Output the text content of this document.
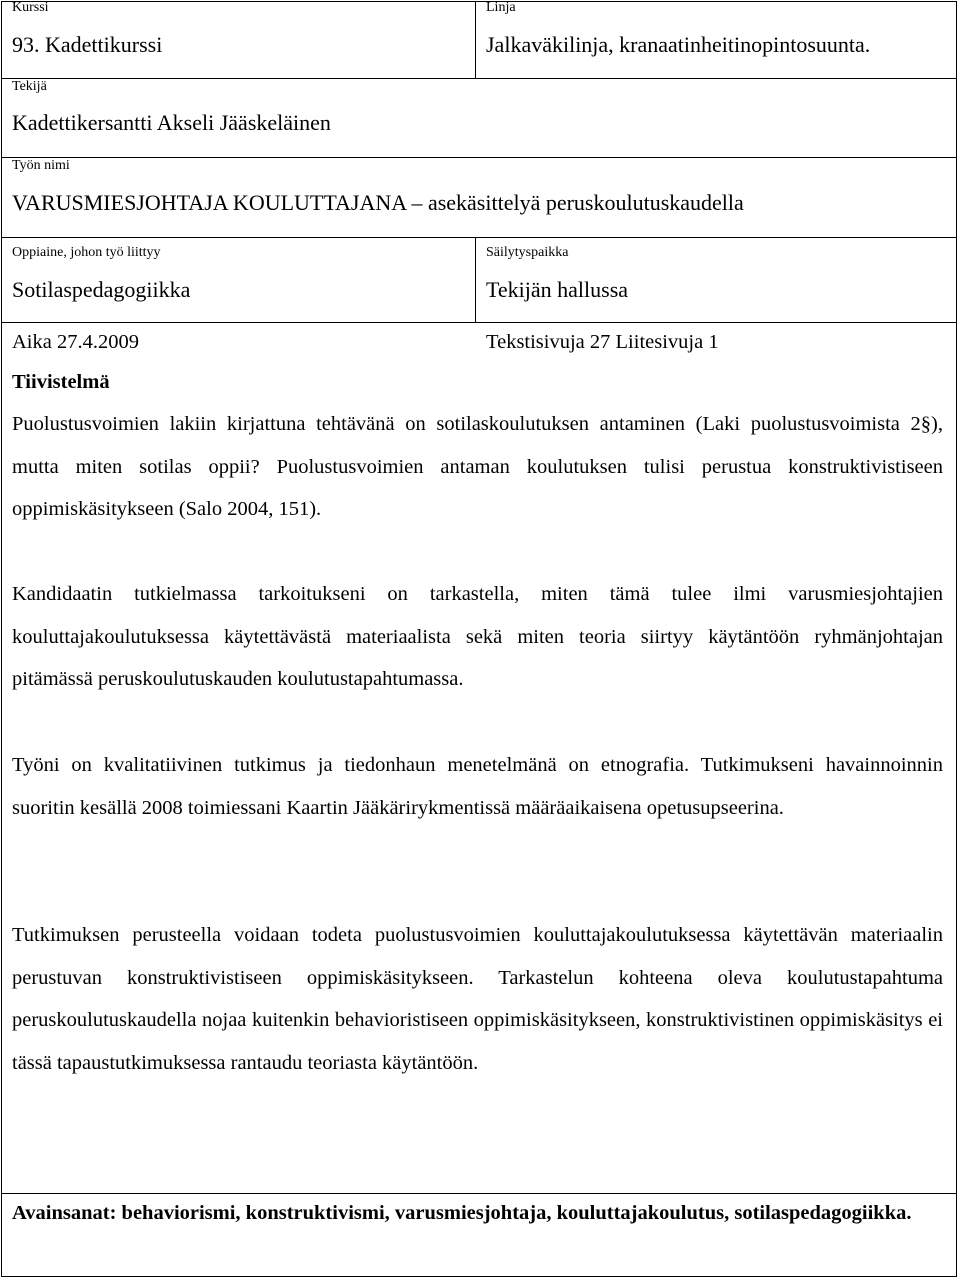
Kurssi
93. Kadettikurssi
Linja
Jalkaväkilinja, kranaatinheitinopintosuunta.
Tekijä
Kadettikersantti Akseli Jääskeläinen
Työn nimi
VARUSMIESJOHTAJA KOULUTTAJANA – asekäsittelyä peruskoulutuskaudella
Oppiaine, johon työ liittyy
Sotilaspedagogiikka
Säilytyspaikka
Tekijän hallussa
Aika 27.4.2009	Tekstisivuja 27 Liitesivuja 1
Tiivistelmä

Puolustusvoimien lakiin kirjattuna tehtävänä on sotilaskoulutuksen antaminen (Laki puolustusvoimista 2§), mutta miten sotilas oppii? Puolustusvoimien antaman koulutuksen tulisi perustua konstruktivistiseen oppimiskäsitykseen (Salo 2004, 151).

Kandidaatin tutkielmassa tarkoitukseni on tarkastella, miten tämä tulee ilmi varusmiesjohtajien kouluttajakoulutuksessa käytettävästä materiaalista sekä miten teoria siirtyy käytäntöön ryhmänjohtajan pitämässä peruskoulutuskauden koulutustapahtumassa.

Työni on kvalitatiivinen tutkimus ja tiedonhaun menetelmänä on etnografia. Tutkimukseni havainnoinnin suoritin kesällä 2008 toimiessani Kaartin Jääkärirykmentissä määräaikaisena opetusupseerina.

Tutkimuksen perusteella voidaan todeta puolustusvoimien kouluttajakoulutuksessa käytettävän materiaalin perustuvan konstruktivistiseen oppimiskäsitykseen. Tarkastelun kohteena oleva koulutustapahtuma peruskoulutuskaudella nojaa kuitenkin behavioristiseen oppimiskäsitykseen, konstruktivistinen oppimiskäsitys ei tässä tapaustutkimuksessa rantaudu teoriasta käytäntöön.

Avainsanat: behaviorismi, konstruktivismi, varusmiesjohtaja, kouluttajakoulutus, sotilaspedagogiikka.
